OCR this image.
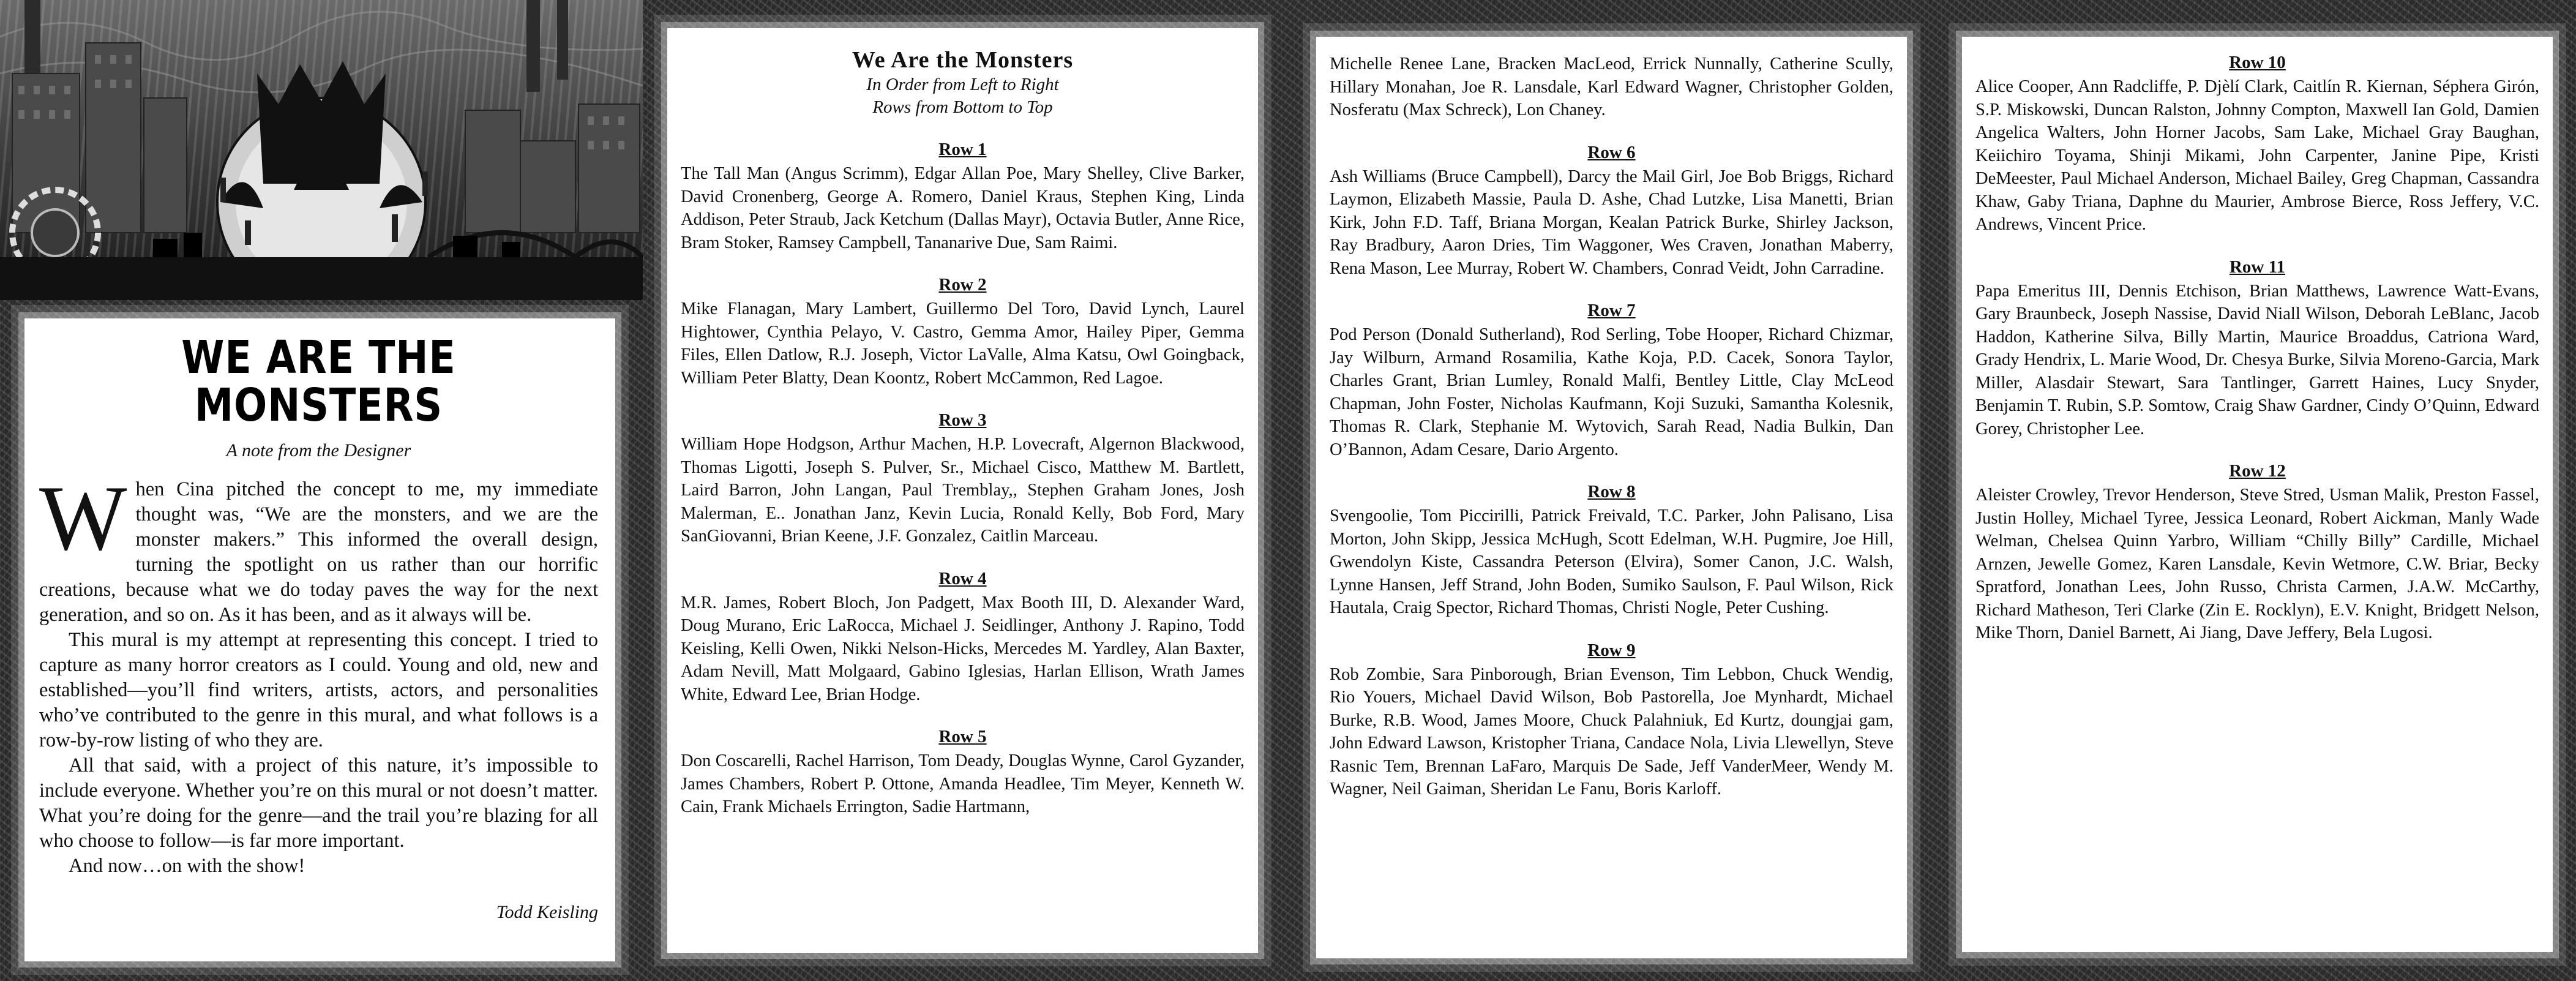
WE ARE THE MONSTERS
A note from the Designer
When Cina pitched the concept to me, my immediate thought was, “We are the monsters, and we are the monster makers.” This informed the overall design, turning the spotlight on us rather than our horrific creations, because what we do today paves the way for the next generation, and so on. As it has been, and as it always will be.
This mural is my attempt at representing this concept. I tried to capture as many horror creators as I could. Young and old, new and established—you’ll find writers, artists, actors, and personalities who’ve contributed to the genre in this mural, and what follows is a row-by-row listing of who they are.
All that said, with a project of this nature, it’s impossible to include everyone. Whether you’re on this mural or not doesn’t matter. What you’re doing for the genre—and the trail you’re blazing for all who choose to follow—is far more important.
And now…on with the show!
Todd Keisling
We Are the Monsters
In Order from Left to Right
Rows from Bottom to Top
Row 1
The Tall Man (Angus Scrimm), Edgar Allan Poe, Mary Shelley, Clive Barker, David Cronenberg, George A. Romero, Daniel Kraus, Stephen King, Linda Addison, Peter Straub, Jack Ketchum (Dallas Mayr), Octavia Butler, Anne Rice, Bram Stoker, Ramsey Campbell, Tananarive Due, Sam Raimi.
Row 2
Mike Flanagan, Mary Lambert, Guillermo Del Toro, David Lynch, Laurel Hightower, Cynthia Pelayo, V. Castro, Gemma Amor, Hailey Piper, Gemma Files, Ellen Datlow, R.J. Joseph, Victor LaValle, Alma Katsu, Owl Goingback, William Peter Blatty, Dean Koontz, Robert McCammon, Red Lagoe.
Row 3
William Hope Hodgson, Arthur Machen, H.P. Lovecraft, Algernon Blackwood, Thomas Ligotti, Joseph S. Pulver, Sr., Michael Cisco, Matthew M. Bartlett, Laird Barron, John Langan, Paul Tremblay,, Stephen Graham Jones, Josh Malerman, E.. Jonathan Janz, Kevin Lucia, Ronald Kelly, Bob Ford, Mary SanGiovanni, Brian Keene, J.F. Gonzalez, Caitlin Marceau.
Row 4
M.R. James, Robert Bloch, Jon Padgett, Max Booth III, D. Alexander Ward, Doug Murano, Eric LaRocca, Michael J. Seidlinger, Anthony J. Rapino, Todd Keisling, Kelli Owen, Nikki Nelson-Hicks, Mercedes M. Yardley, Alan Baxter, Adam Nevill, Matt Molgaard, Gabino Iglesias, Harlan Ellison, Wrath James White, Edward Lee, Brian Hodge.
Row 5
Don Coscarelli, Rachel Harrison, Tom Deady, Douglas Wynne, Carol Gyzander, James Chambers, Robert P. Ottone, Amanda Headlee, Tim Meyer, Kenneth W. Cain, Frank Michaels Errington, Sadie Hartmann,
Michelle Renee Lane, Bracken MacLeod, Errick Nunnally, Catherine Scully, Hillary Monahan, Joe R. Lansdale, Karl Edward Wagner, Christopher Golden, Nosferatu (Max Schreck), Lon Chaney.
Row 6
Ash Williams (Bruce Campbell), Darcy the Mail Girl, Joe Bob Briggs, Richard Laymon, Elizabeth Massie, Paula D. Ashe, Chad Lutzke, Lisa Manetti, Brian Kirk, John F.D. Taff, Briana Morgan, Kealan Patrick Burke, Shirley Jackson, Ray Bradbury, Aaron Dries, Tim Waggoner, Wes Craven, Jonathan Maberry, Rena Mason, Lee Murray, Robert W. Chambers, Conrad Veidt, John Carradine.
Row 7
Pod Person (Donald Sutherland), Rod Serling, Tobe Hooper, Richard Chizmar, Jay Wilburn, Armand Rosamilia, Kathe Koja, P.D. Cacek, Sonora Taylor, Charles Grant, Brian Lumley, Ronald Malfi, Bentley Little, Clay McLeod Chapman, John Foster, Nicholas Kaufmann, Koji Suzuki, Samantha Kolesnik, Thomas R. Clark, Stephanie M. Wytovich, Sarah Read, Nadia Bulkin, Dan O’Bannon, Adam Cesare, Dario Argento.
Row 8
Svengoolie, Tom Piccirilli, Patrick Freivald, T.C. Parker, John Palisano, Lisa Morton, John Skipp, Jessica McHugh, Scott Edelman, W.H. Pugmire, Joe Hill, Gwendolyn Kiste, Cassandra Peterson (Elvira), Somer Canon, J.C. Walsh, Lynne Hansen, Jeff Strand, John Boden, Sumiko Saulson, F. Paul Wilson, Rick Hautala, Craig Spector, Richard Thomas, Christi Nogle, Peter Cushing.
Row 9
Rob Zombie, Sara Pinborough, Brian Evenson, Tim Lebbon, Chuck Wendig, Rio Youers, Michael David Wilson, Bob Pastorella, Joe Mynhardt, Michael Burke, R.B. Wood, James Moore, Chuck Palahniuk, Ed Kurtz, doungjai gam, John Edward Lawson, Kristopher Triana, Candace Nola, Livia Llewellyn, Steve Rasnic Tem, Brennan LaFaro, Marquis De Sade, Jeff VanderMeer, Wendy M. Wagner, Neil Gaiman, Sheridan Le Fanu, Boris Karloff.
Row 10
Alice Cooper, Ann Radcliffe, P. Djèlí Clark, Caitlín R. Kiernan, Séphera Girón, S.P. Miskowski, Duncan Ralston, Johnny Compton, Maxwell Ian Gold, Damien Angelica Walters, John Horner Jacobs, Sam Lake, Michael Gray Baughan, Keiichiro Toyama, Shinji Mikami, John Carpenter, Janine Pipe, Kristi DeMeester, Paul Michael Anderson, Michael Bailey, Greg Chapman, Cassandra Khaw, Gaby Triana, Daphne du Maurier, Ambrose Bierce, Ross Jeffery, V.C. Andrews, Vincent Price.
Row 11
Papa Emeritus III, Dennis Etchison, Brian Matthews, Lawrence Watt-Evans, Gary Braunbeck, Joseph Nassise, David Niall Wilson, Deborah LeBlanc, Jacob Haddon, Katherine Silva, Billy Martin, Maurice Broaddus, Catriona Ward, Grady Hendrix, L. Marie Wood, Dr. Chesya Burke, Silvia Moreno-Garcia, Mark Miller, Alasdair Stewart, Sara Tantlinger, Garrett Haines, Lucy Snyder, Benjamin T. Rubin, S.P. Somtow, Craig Shaw Gardner, Cindy O’Quinn, Edward Gorey, Christopher Lee.
Row 12
Aleister Crowley, Trevor Henderson, Steve Stred, Usman Malik, Preston Fassel, Justin Holley, Michael Tyree, Jessica Leonard, Robert Aickman, Manly Wade Welman, Chelsea Quinn Yarbro, William “Chilly Billy” Cardille, Michael Arnzen, Jewelle Gomez, Karen Lansdale, Kevin Wetmore, C.W. Briar, Becky Spratford, Jonathan Lees, John Russo, Christa Carmen, J.A.W. McCarthy, Richard Matheson, Teri Clarke (Zin E. Rocklyn), E.V. Knight, Bridgett Nelson, Mike Thorn, Daniel Barnett, Ai Jiang, Dave Jeffery, Bela Lugosi.
